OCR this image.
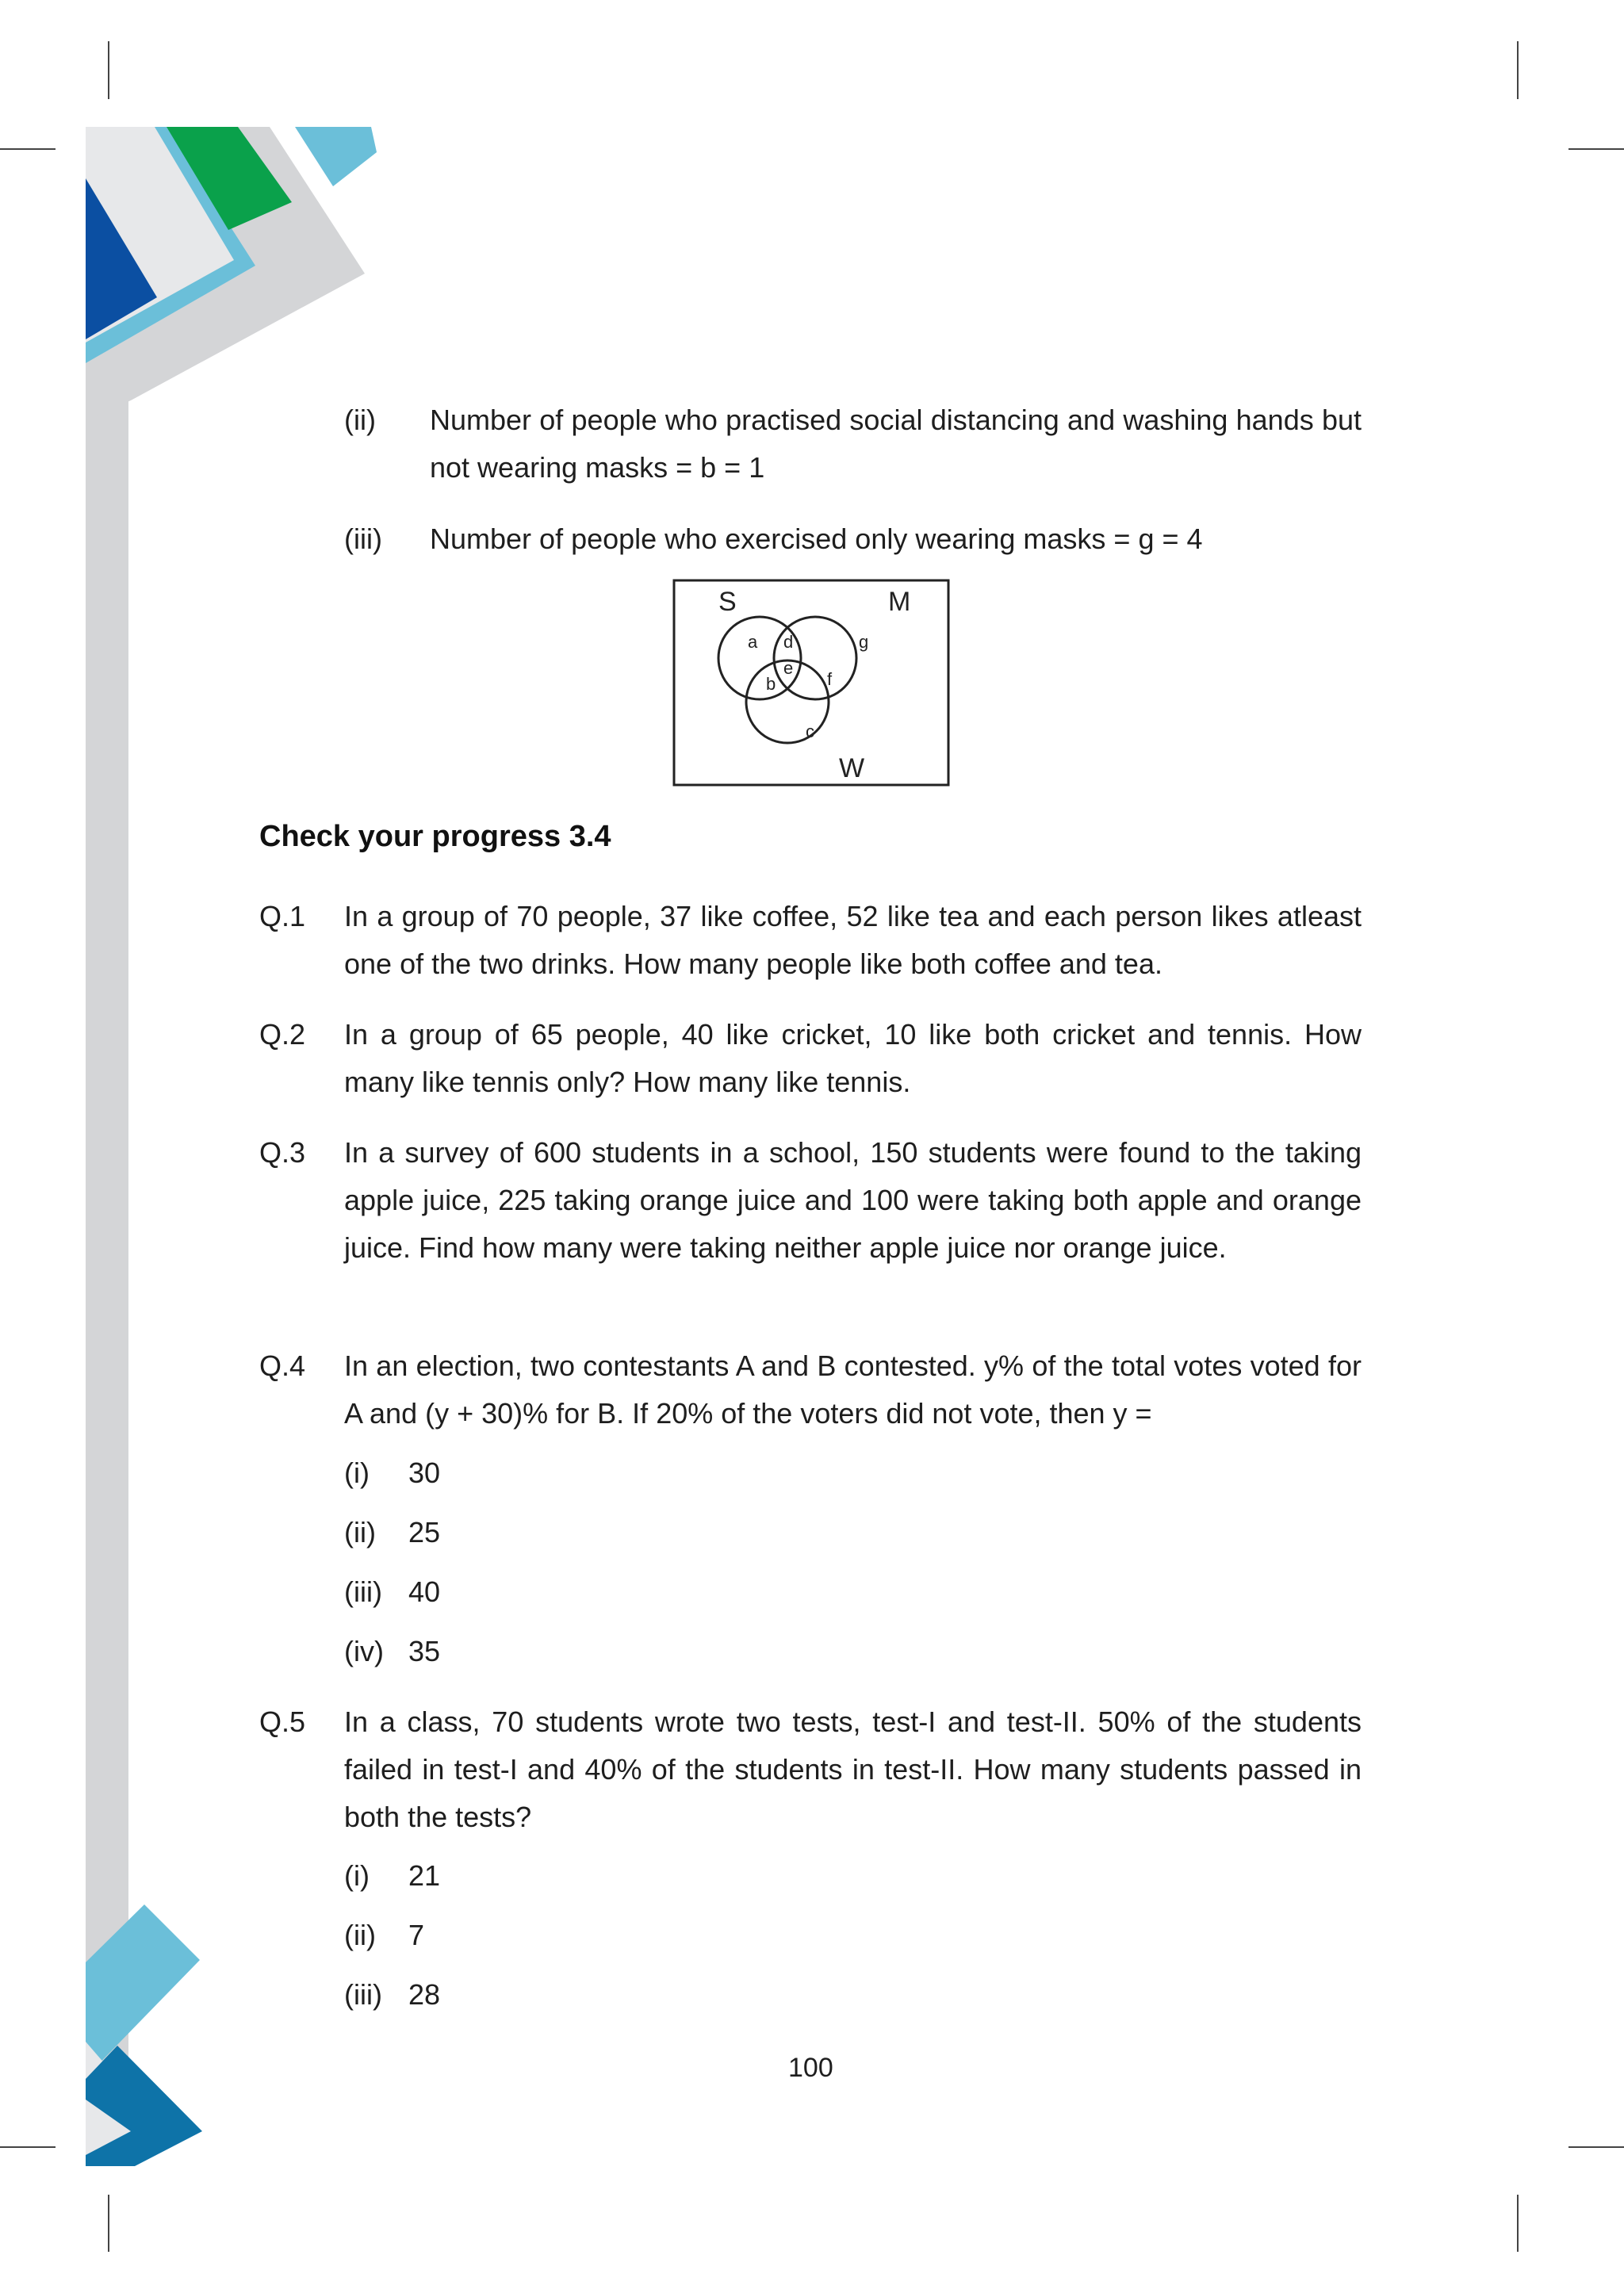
(ii) Number of people who practised social distancing and washing hands but not wearing masks = b = 1
(iii) Number of people who exercised only wearing masks = g = 4
S	M
W
a d	g
e
b	f
c
Check your progress 3.4
Q.1 In a group of 70 people, 37 like coffee, 52 like tea and each person likes atleast one of the two drinks. How many people like both coffee and tea.
Q.2 In a group of 65 people, 40 like cricket, 10 like both cricket and tennis. How many like tennis only? How many like tennis.
Q.3 In a survey of 600 students in a school, 150 students were found to the taking apple juice, 225 taking orange juice and 100 were taking both apple and orange juice. Find how many were taking neither apple juice nor orange juice.
Q.4 In an election, two contestants A and B contested. y% of the total votes voted for A and (y + 30)% for B. If 20% of the voters did not vote, then y =
(i) 30
(ii) 25
(iii) 40
(iv) 35
Q.5 In a class, 70 students wrote two tests, test-I and test-II. 50% of the students failed in test-I and 40% of the students in test-II. How many students passed in both the tests?
(i) 21
(ii) 7
(iii) 28
100
